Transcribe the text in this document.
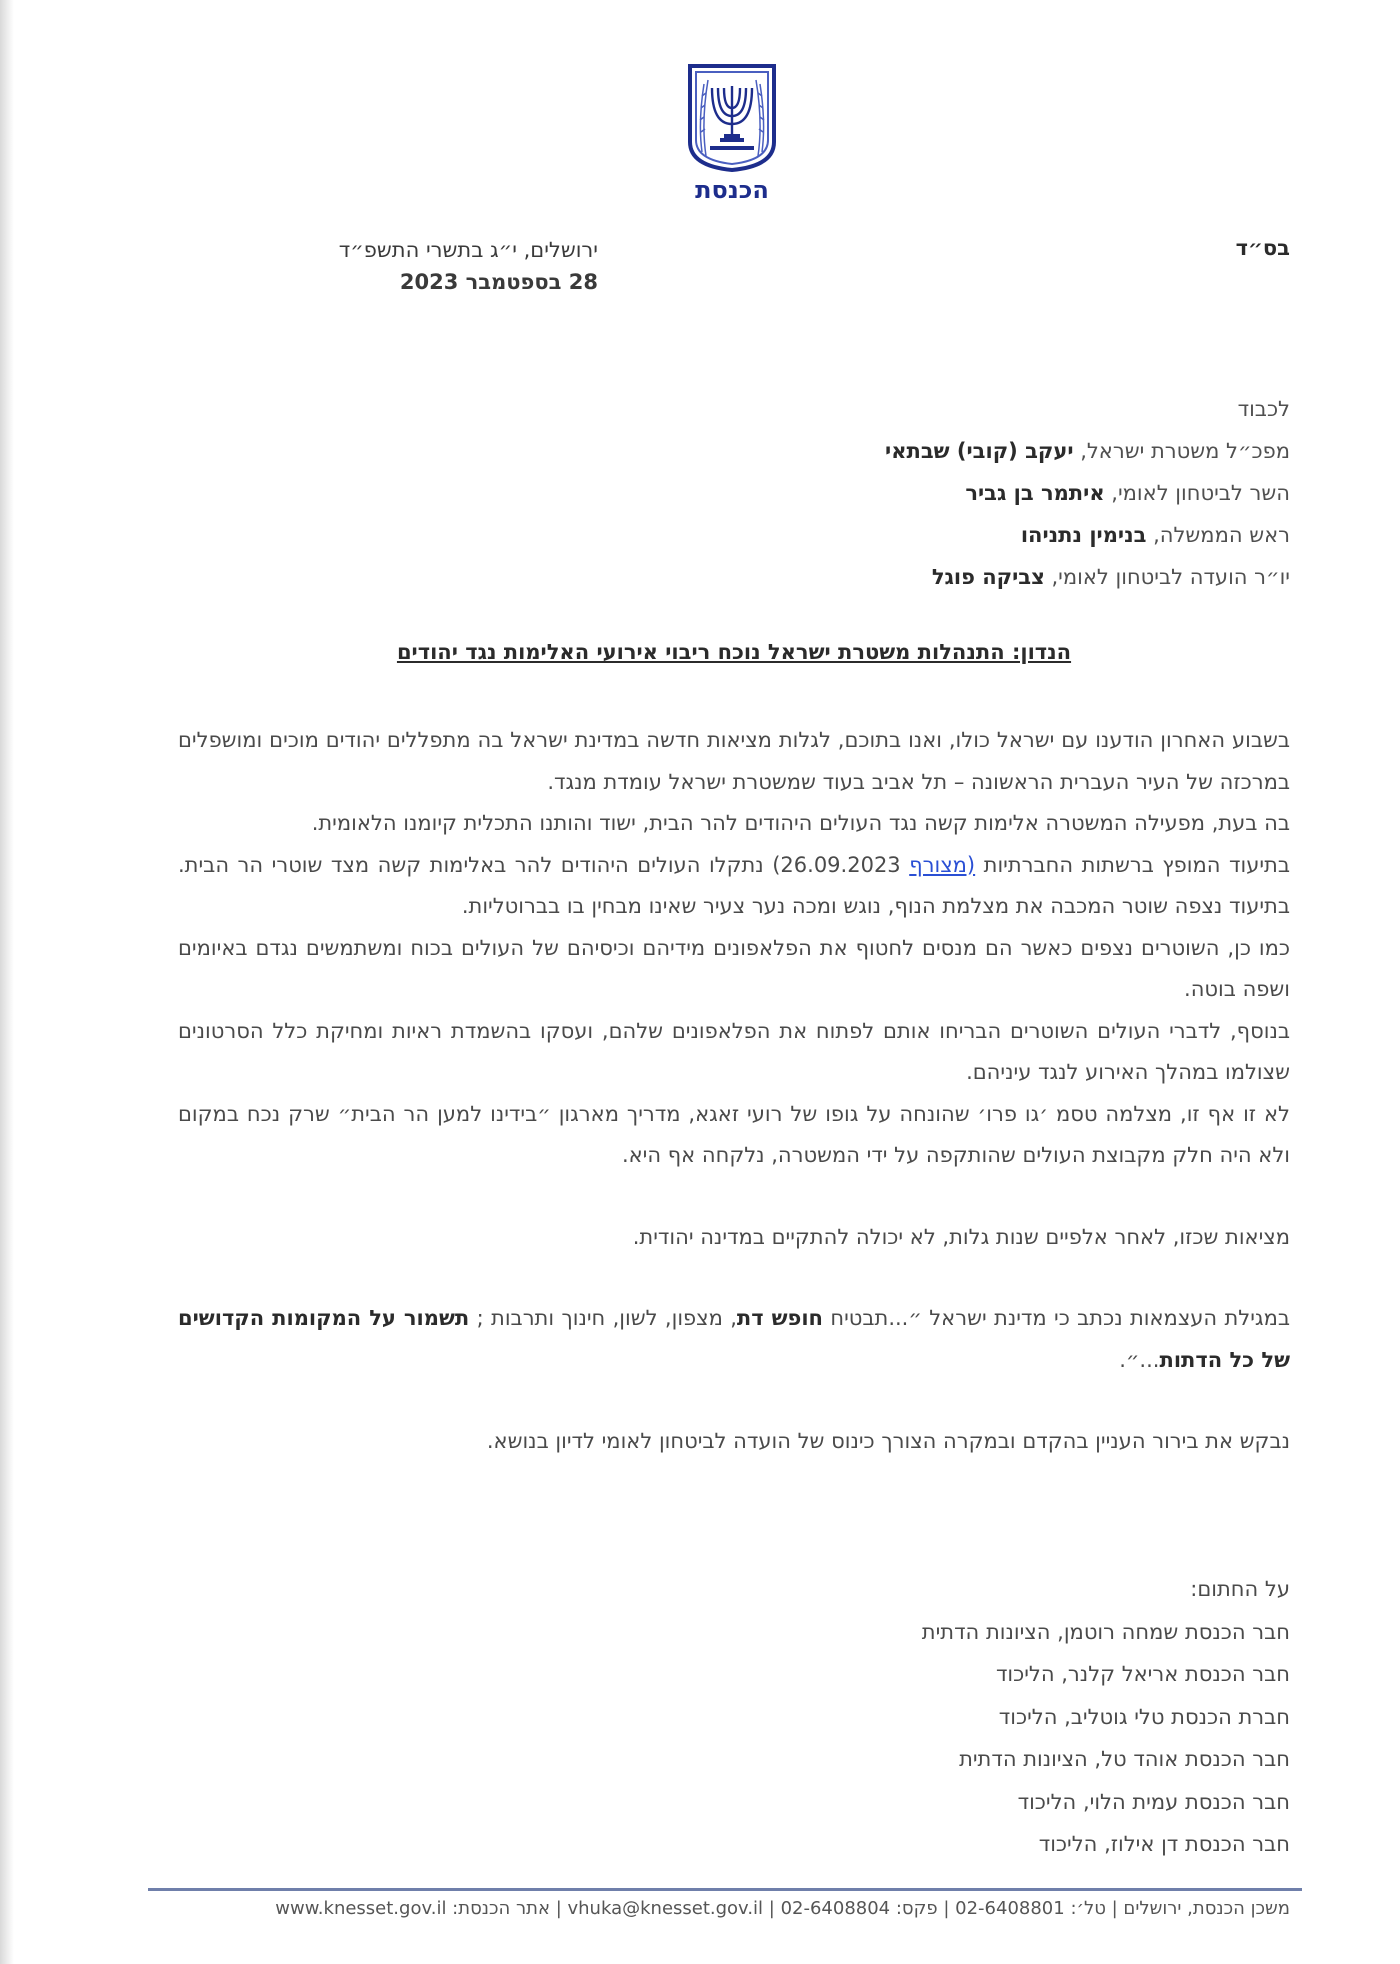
הכנסת
בס״ד
ירושלים, י״ג בתשרי התשפ״ד
28 בספטמבר 2023
לכבוד
מפכ״ל משטרת ישראל, יעקב (קובי) שבתאי
השר לביטחון לאומי, איתמר בן גביר
ראש הממשלה, בנימין נתניהו
יו״ר הועדה לביטחון לאומי, צביקה פוגל
הנדון: התנהלות משטרת ישראל נוכח ריבוי אירועי האלימות נגד יהודים

בשבוע האחרון הודענו עם ישראל כולו, ואנו בתוכם, לגלות מציאות חדשה במדינת ישראל בה מתפללים יהודים מוכים ומושפלים במרכזה של העיר העברית הראשונה – תל אביב בעוד שמשטרת ישראל עומדת מנגד.

בה בעת, מפעילה המשטרה אלימות קשה נגד העולים היהודים להר הבית, ישוד והותנו התכלית קיומנו הלאומית.

בתיעוד המופץ ברשתות החברתיות (מצורף 26.09.2023) נתקלו העולים היהודים להר באלימות קשה מצד שוטרי הר הבית. בתיעוד נצפה שוטר המכבה את מצלמת הנוף, נוגש ומכה נער צעיר שאינו מבחין בו בברוטליות.

כמו כן, השוטרים נצפים כאשר הם מנסים לחטוף את הפלאפונים מידיהם וכיסיהם של העולים בכוח ומשתמשים נגדם באיומים ושפה בוטה.

בנוסף, לדברי העולים השוטרים הבריחו אותם לפתוח את הפלאפונים שלהם, ועסקו בהשמדת ראיות ומחיקת כלל הסרטונים שצולמו במהלך האירוע לנגד עיניהם.

לא זו אף זו, מצלמה טסמ ׳גו פרו׳ שהונחה על גופו של רועי זאגא, מדריך מארגון ״בידינו למען הר הבית״ שרק נכח במקום ולא היה חלק מקבוצת העולים שהותקפה על ידי המשטרה, נלקחה אף היא.

מציאות שכזו, לאחר אלפיים שנות גלות, לא יכולה להתקיים במדינה יהודית.

במגילת העצמאות נכתב כי מדינת ישראל ״...תבטיח חופש דת, מצפון, לשון, חינוך ותרבות ; תשמור על המקומות הקדושים של כל הדתות...״.

נבקש את בירור העניין בהקדם ובמקרה הצורך כינוס של הועדה לביטחון לאומי לדיון בנושא.

על החתום:
חבר הכנסת שמחה רוטמן, הציונות הדתית
חבר הכנסת אריאל קלנר, הליכוד
חברת הכנסת טלי גוטליב, הליכוד
חבר הכנסת אוהד טל, הציונות הדתית
חבר הכנסת עמית הלוי, הליכוד
חבר הכנסת דן אילוז, הליכוד
משכן הכנסת, ירושלים | טל׳: 02-6408801 | פקס: 02-6408804 | vhuka@knesset.gov.il | אתר הכנסת: www.knesset.gov.il
